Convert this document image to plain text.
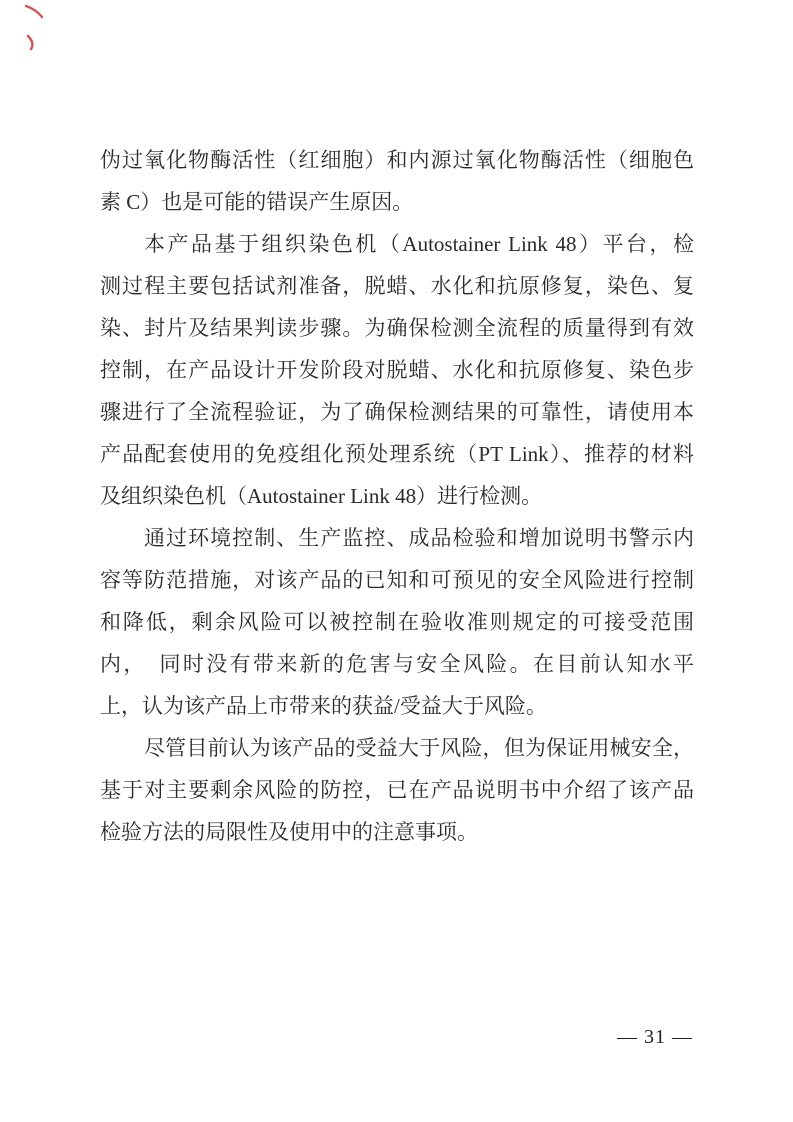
伪过氧化物酶活性（红细胞）和内源过氧化物酶活性（细胞色
素 C）也是可能的错误产生原因。
本产品基于组织染色机（Autostainer Link 48）平台，检
测过程主要包括试剂准备，脱蜡、水化和抗原修复，染色、复
染、封片及结果判读步骤。为确保检测全流程的质量得到有效
控制，在产品设计开发阶段对脱蜡、水化和抗原修复、染色步
骤进行了全流程验证，为了确保检测结果的可靠性，请使用本
产品配套使用的免疫组化预处理系统（PT Link）、推荐的材料
及组织染色机（Autostainer Link 48）进行检测。
通过环境控制、生产监控、成品检验和增加说明书警示内
容等防范措施，对该产品的已知和可预见的安全风险进行控制
和降低，剩余风险可以被控制在验收准则规定的可接受范围
内，　同时没有带来新的危害与安全风险。在目前认知水平
上，认为该产品上市带来的获益/受益大于风险。
尽管目前认为该产品的受益大于风险，但为保证用械安全，
基于对主要剩余风险的防控，已在产品说明书中介绍了该产品
检验方法的局限性及使用中的注意事项。
— 31 —
